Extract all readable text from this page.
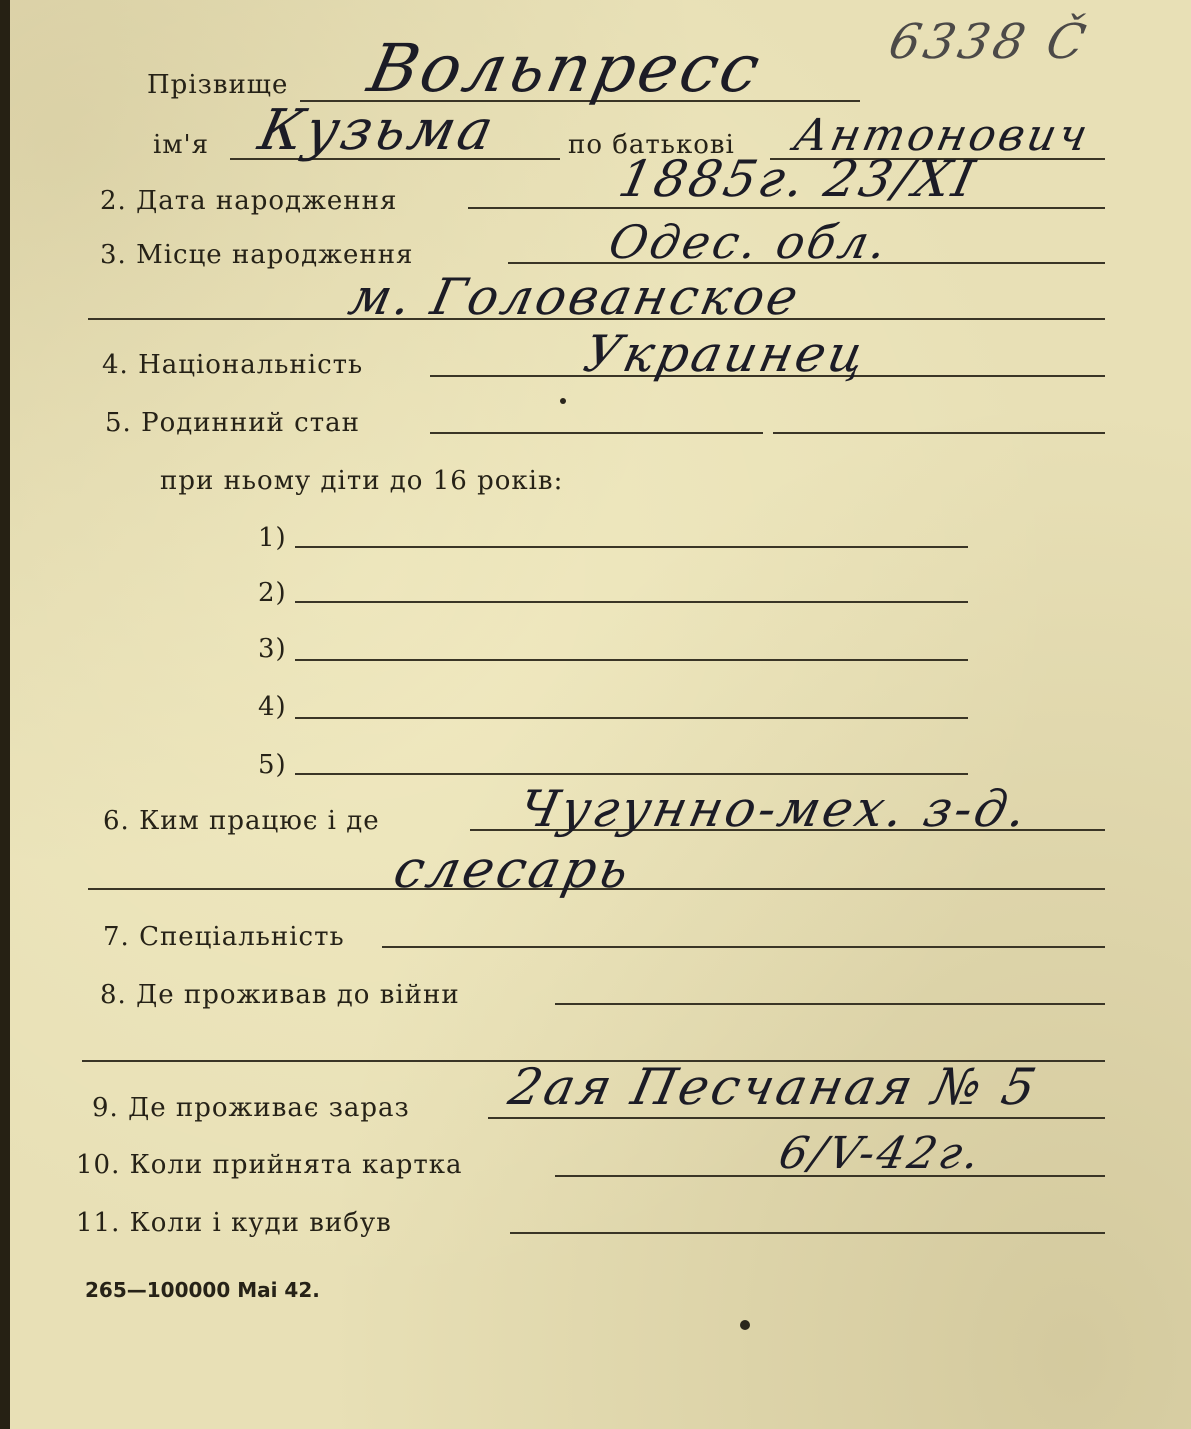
6338 Č
Прізвище Вольпресс
ім'я Кузьма	по батькові Антонович
2. Дата народження	1885г. 23/XI
3. Місце народження	Одес. обл.
м. Голованское
4. Національність	Украинец
5. Родинний стан
при ньому діти до 16 років:
1)
2)
3)
4)
5)
6. Ким працює і де	Чугунно-мех. з-д.
слесарь
7. Спеціальність
8. Де проживав до війни
9. Де проживає зараз 2ая Песчаная № 5
10. Коли прийнята картка	6/V-42г.
11. Коли і куди вибув
265—100000 Mai 42.
